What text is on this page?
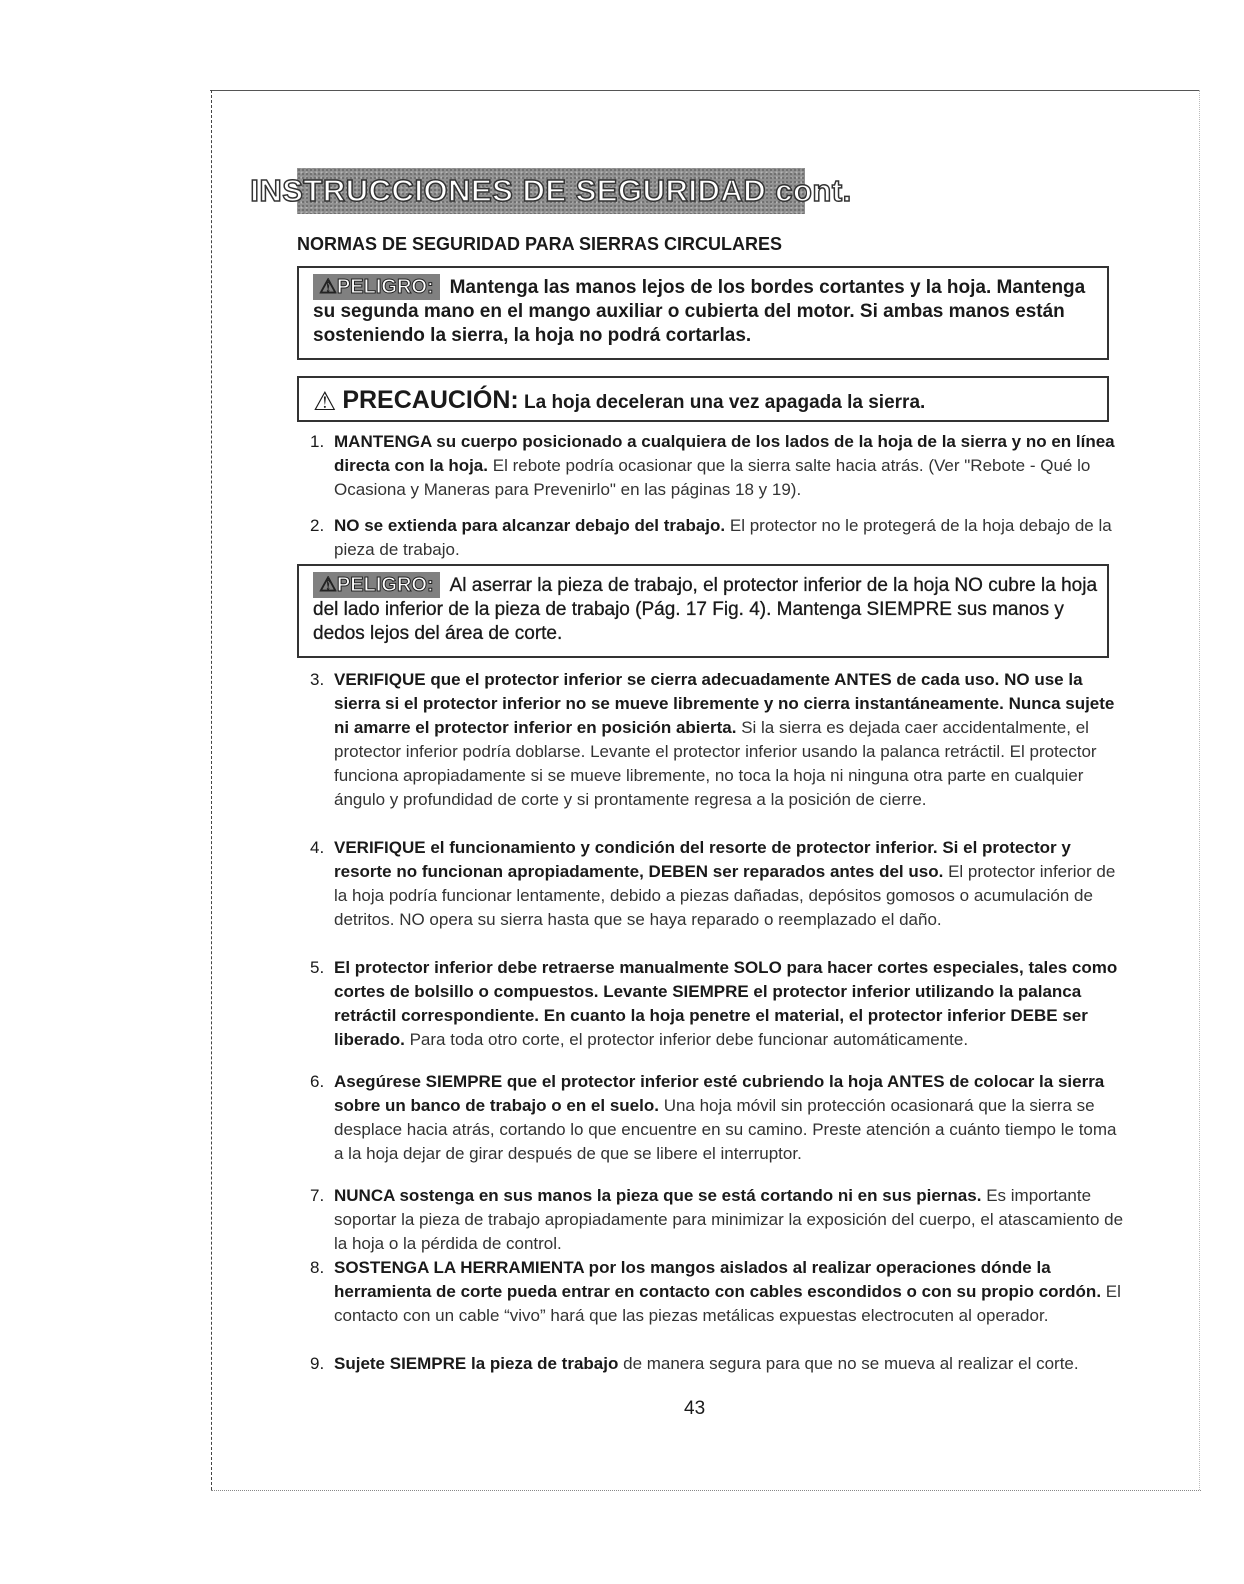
INSTRUCCIONES DE SEGURIDAD cont.
NORMAS DE SEGURIDAD PARA SIERRAS CIRCULARES
⚠PELIGRO: Mantenga las manos lejos de los bordes cortantes y la hoja. Mantenga su segunda mano en el mango auxiliar o cubierta del motor. Si ambas manos están sosteniendo la sierra, la hoja no podrá cortarlas.
⚠ PRECAUCIÓN: La hoja deceleran una vez apagada la sierra.

1. MANTENGA su cuerpo posicionado a cualquiera de los lados de la hoja de la sierra y no en línea directa con la hoja. El rebote podría ocasionar que la sierra salte hacia atrás. (Ver "Rebote - Qué lo Ocasiona y Maneras para Prevenirlo" en las páginas 18 y 19).

2. NO se extienda para alcanzar debajo del trabajo. El protector no le protegerá de la hoja debajo de la pieza de trabajo.

⚠PELIGRO: Al aserrar la pieza de trabajo, el protector inferior de la hoja NO cubre la hoja del lado inferior de la pieza de trabajo (Pág. 17 Fig. 4). Mantenga SIEMPRE sus manos y dedos lejos del área de corte.

3. VERIFIQUE que el protector inferior se cierra adecuadamente ANTES de cada uso. NO use la sierra si el protector inferior no se mueve libremente y no cierra instantáneamente. Nunca sujete ni amarre el protector inferior en posición abierta. Si la sierra es dejada caer accidentalmente, el protector inferior podría doblarse. Levante el protector inferior usando la palanca retráctil. El protector funciona apropiadamente si se mueve libremente, no toca la hoja ni ninguna otra parte en cualquier ángulo y profundidad de corte y si prontamente regresa a la posición de cierre.

4. VERIFIQUE el funcionamiento y condición del resorte de protector inferior. Si el protector y resorte no funcionan apropiadamente, DEBEN ser reparados antes del uso. El protector inferior de la hoja podría funcionar lentamente, debido a piezas dañadas, depósitos gomosos o acumulación de detritos. NO opera su sierra hasta que se haya reparado o reemplazado el daño.

5. El protector inferior debe retraerse manualmente SOLO para hacer cortes especiales, tales como cortes de bolsillo o compuestos. Levante SIEMPRE el protector inferior utilizando la palanca retráctil correspondiente. En cuanto la hoja penetre el material, el protector inferior DEBE ser liberado. Para toda otro corte, el protector inferior debe funcionar automáticamente.

6. Asegúrese SIEMPRE que el protector inferior esté cubriendo la hoja ANTES de colocar la sierra sobre un banco de trabajo o en el suelo. Una hoja móvil sin protección ocasionará que la sierra se desplace hacia atrás, cortando lo que encuentre en su camino. Preste atención a cuánto tiempo le toma a la hoja dejar de girar después de que se libere el interruptor.

7. NUNCA sostenga en sus manos la pieza que se está cortando ni en sus piernas. Es importante soportar la pieza de trabajo apropiadamente para minimizar la exposición del cuerpo, el atascamiento de la hoja o la pérdida de control.

8. SOSTENGA LA HERRAMIENTA por los mangos aislados al realizar operaciones dónde la herramienta de corte pueda entrar en contacto con cables escondidos o con su propio cordón. El contacto con un cable “vivo” hará que las piezas metálicas expuestas electrocuten al operador.

9. Sujete SIEMPRE la pieza de trabajo de manera segura para que no se mueva al realizar el corte.

43
